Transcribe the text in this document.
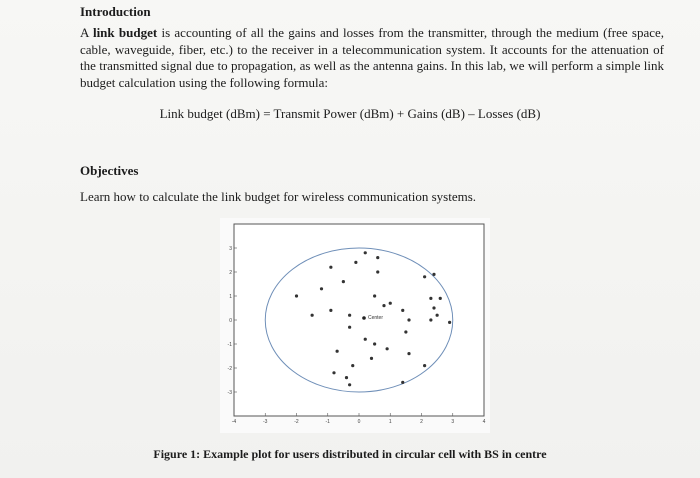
Introduction
A link budget is accounting of all the gains and losses from the transmitter, through the medium (free space, cable, waveguide, fiber, etc.) to the receiver in a telecommunication system. It accounts for the attenuation of the transmitted signal due to propagation, as well as the antenna gains. In this lab, we will perform a simple link budget calculation using the following formula:
Link budget (dBm) = Transmit Power (dBm) + Gains (dB) – Losses (dB)
Objectives
Learn how to calculate the link budget for wireless communication systems.
-4	-3	-2	-1	0	1	2	3	4
3
2
1
0
-1
-2
-3
Center
Figure 1: Example plot for users distributed in circular cell with BS in centre
